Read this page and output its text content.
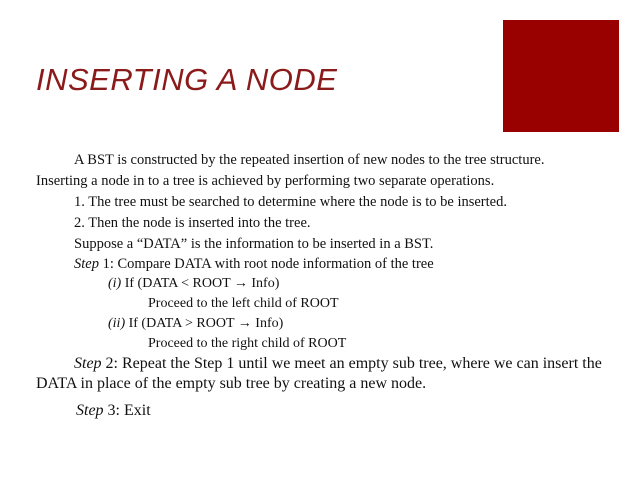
INSERTING A NODE
A BST is constructed by the repeated insertion of new nodes to the tree structure.
Inserting a node in to a tree is achieved by performing two separate operations.
1. The tree must be searched to determine where the node is to be inserted.
2. Then the node is inserted into the tree.
Suppose a “DATA” is the information to be inserted in a BST.
Step 1: Compare DATA with root node information of the tree
(i) If (DATA < ROOT → Info)
Proceed to the left child of ROOT
(ii) If (DATA > ROOT → Info)
Proceed to the right child of ROOT
Step 2: Repeat the Step 1 until we meet an empty sub tree, where we can insert the
DATA in place of the empty sub tree by creating a new node.
Step 3: Exit
